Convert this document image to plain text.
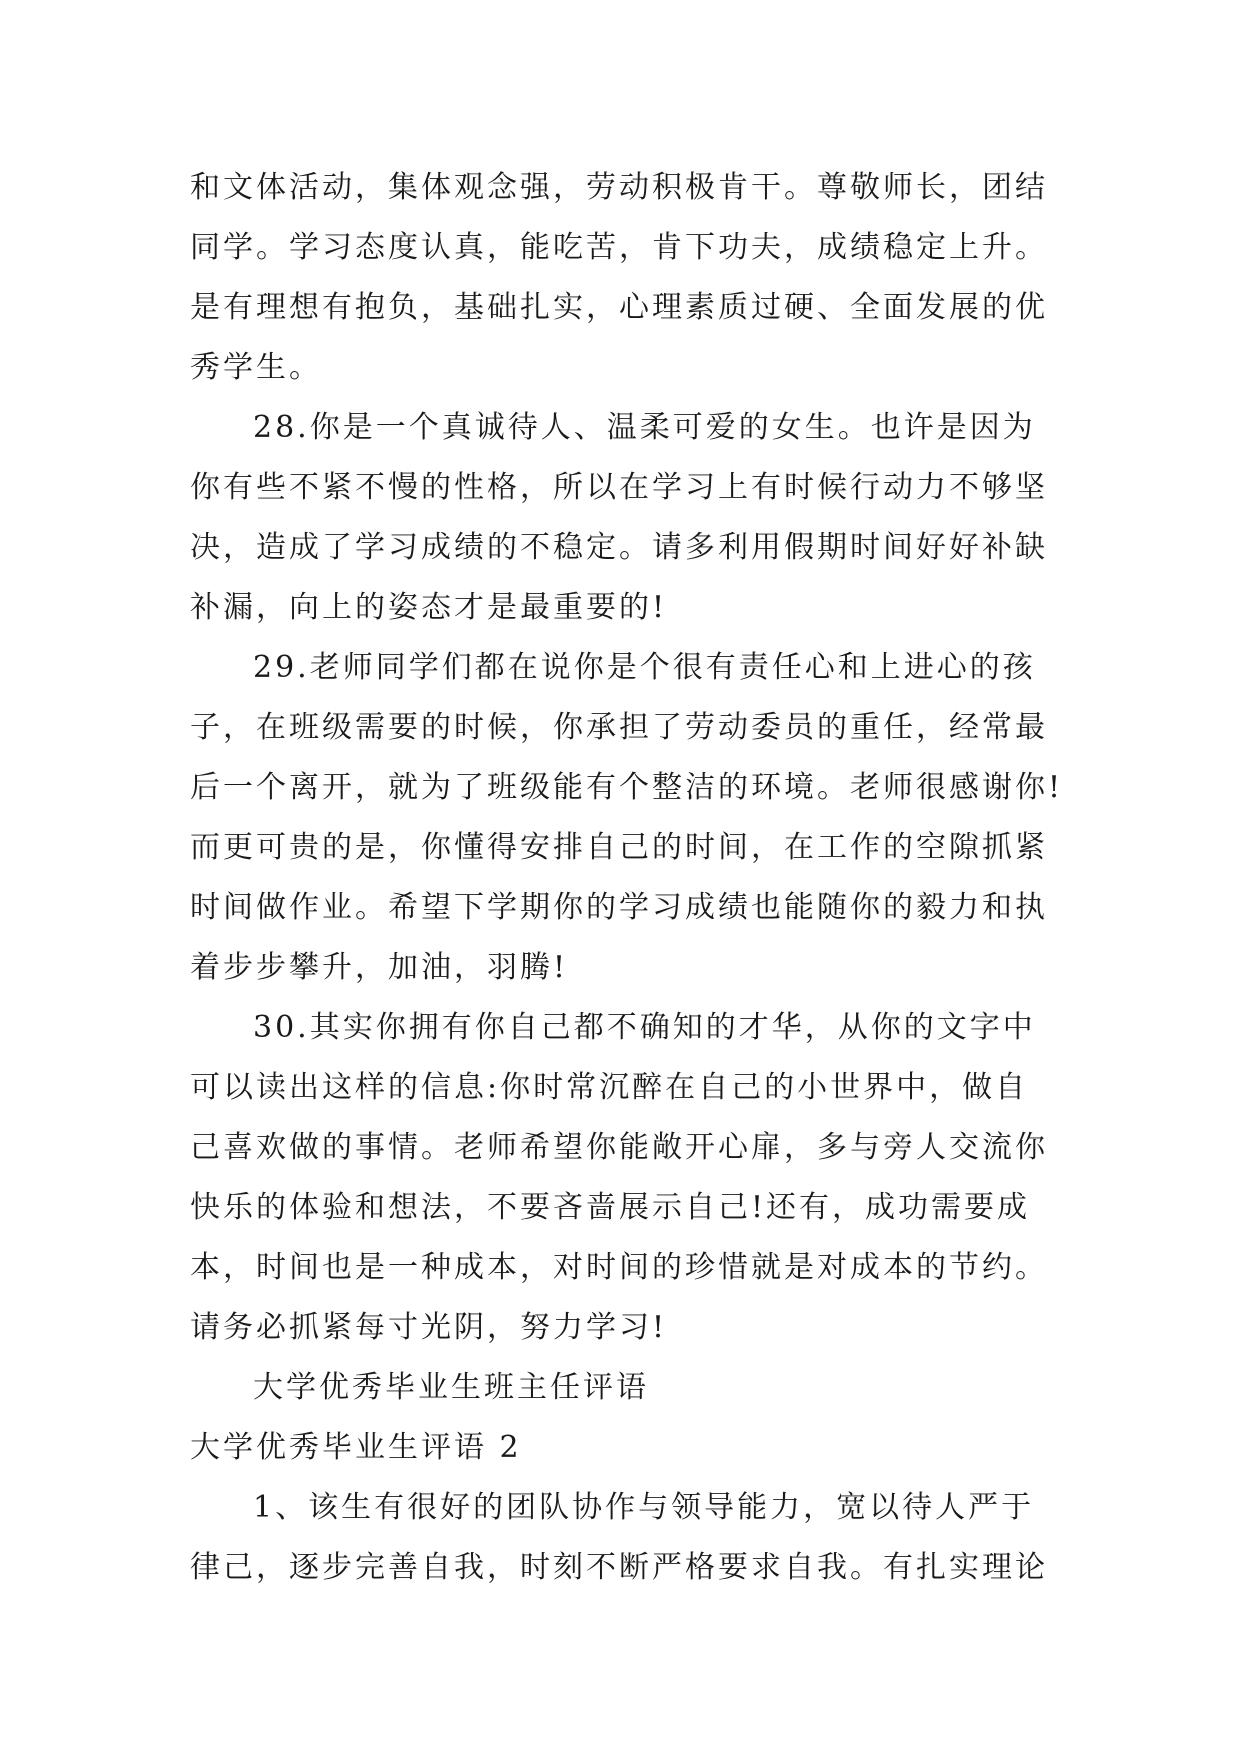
和文体活动，集体观念强，劳动积极肯干。尊敬师长，团结
同学。学习态度认真，能吃苦，肯下功夫，成绩稳定上升。
是有理想有抱负，基础扎实，心理素质过硬、全面发展的优
秀学生。
28.你是一个真诚待人、温柔可爱的女生。也许是因为
你有些不紧不慢的性格，所以在学习上有时候行动力不够坚
决，造成了学习成绩的不稳定。请多利用假期时间好好补缺
补漏，向上的姿态才是最重要的!
29.老师同学们都在说你是个很有责任心和上进心的孩
子，在班级需要的时候，你承担了劳动委员的重任，经常最
后一个离开，就为了班级能有个整洁的环境。老师很感谢你!
而更可贵的是，你懂得安排自己的时间，在工作的空隙抓紧
时间做作业。希望下学期你的学习成绩也能随你的毅力和执
着步步攀升，加油，羽腾!
30.其实你拥有你自己都不确知的才华，从你的文字中
可以读出这样的信息:你时常沉醉在自己的小世界中，做自
己喜欢做的事情。老师希望你能敞开心扉，多与旁人交流你
快乐的体验和想法，不要吝啬展示自己!还有，成功需要成
本，时间也是一种成本，对时间的珍惜就是对成本的节约。
请务必抓紧每寸光阴，努力学习!
大学优秀毕业生班主任评语
大学优秀毕业生评语 2
1、该生有很好的团队协作与领导能力，宽以待人严于
律己，逐步完善自我，时刻不断严格要求自我。有扎实理论
